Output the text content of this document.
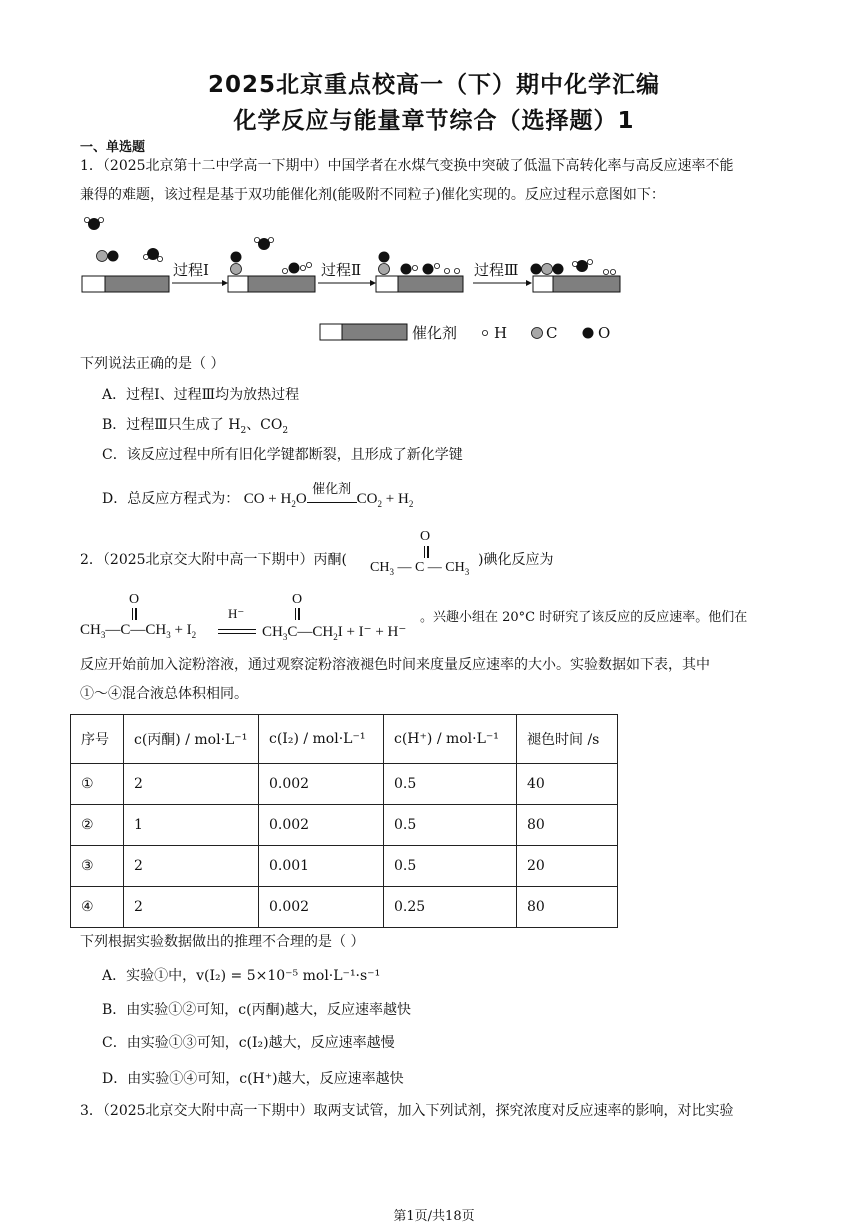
2025北京重点校高一（下）期中化学汇编
化学反应与能量章节综合（选择题）1
一、单选题
1．（2025北京第十二中学高一下期中）中国学者在水煤气变换中突破了低温下高转化率与高反应速率不能
兼得的难题，该过程是基于双功能催化剂(能吸附不同粒子)催化实现的。反应过程示意图如下：
过程Ⅰ	过程Ⅱ	过程Ⅲ
催化剂 H	C	O
下列说法正确的是（ ）
A．过程Ⅰ、过程Ⅲ均为放热过程
B．过程Ⅲ只生成了 $H_2$、$CO_2$
C．该反应过程中所有旧化学键都断裂，且形成了新化学键
D．总反应方程式为： CO + $H_2O$
催化剂
$CO_2 + H_2$
2．（2025北京交大附中高一下期中）丙酮(
O
$CH_3$ — C — $CH_3$
)碘化反应为
O
$CH_3—C—CH_3 + I_2$
H⁻
O
$CH_3C—CH_2I + I^- + H^-$
。兴趣小组在 20°C 时研究了该反应的反应速率。他们在
反应开始前加入淀粉溶液，通过观察淀粉溶液褪色时间来度量反应速率的大小。实验数据如下表，其中
①～④混合液总体积相同。
序号	c(丙酮) / mol·L⁻¹	c(I₂) / mol·L⁻¹	c(H⁺) / mol·L⁻¹	褪色时间 /s
①	2	0.002	0.5	40
②	1	0.002	0.5	80
③	2	0.001	0.5	20
④	2	0.002	0.25	80
下列根据实验数据做出的推理不合理的是（ ）
A．实验①中，v(I₂) = 5×10⁻⁵ mol·L⁻¹·s⁻¹
B．由实验①②可知，c(丙酮)越大，反应速率越快
C．由实验①③可知，c(I₂)越大，反应速率越慢
D．由实验①④可知，c(H⁺)越大，反应速率越快
3．（2025北京交大附中高一下期中）取两支试管，加入下列试剂，探究浓度对反应速率的影响，对比实验
第1页/共18页
